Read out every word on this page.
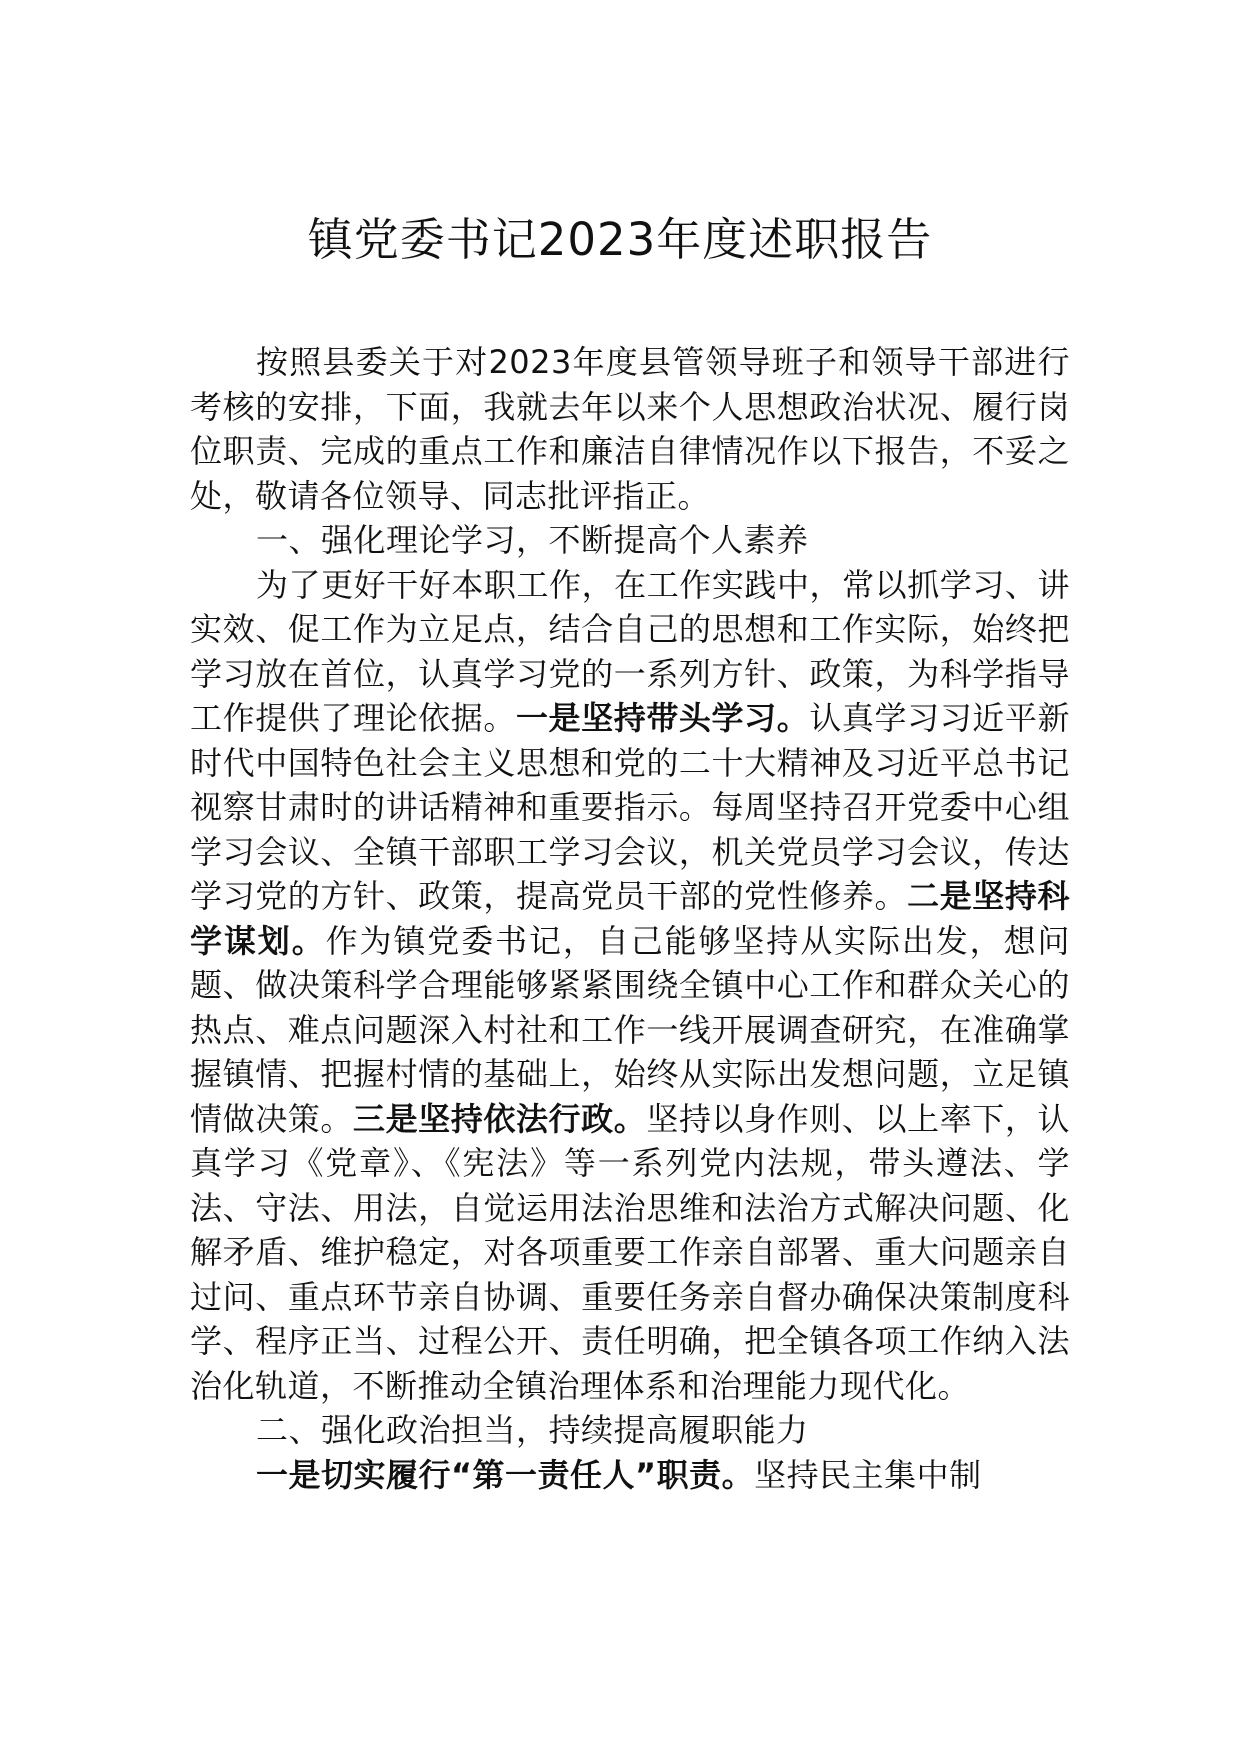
镇党委书记2023年度述职报告

按照县委关于对2023年度县管领导班子和领导干部进行考核的安排，下面，我就去年以来个人思想政治状况、履行岗位职责、完成的重点工作和廉洁自律情况作以下报告，不妥之处，敬请各位领导、同志批评指正。

一、强化理论学习，不断提高个人素养

为了更好干好本职工作，在工作实践中，常以抓学习、讲实效、促工作为立足点，结合自己的思想和工作实际，始终把学习放在首位，认真学习党的一系列方针、政策，为科学指导工作提供了理论依据。一是坚持带头学习。认真学习习近平新时代中国特色社会主义思想和党的二十大精神及习近平总书记视察甘肃时的讲话精神和重要指示。每周坚持召开党委中心组学习会议、全镇干部职工学习会议，机关党员学习会议，传达学习党的方针、政策，提高党员干部的党性修养。二是坚持科学谋划。作为镇党委书记，自己能够坚持从实际出发，想问题、做决策科学合理能够紧紧围绕全镇中心工作和群众关心的热点、难点问题深入村社和工作一线开展调查研究，在准确掌握镇情、把握村情的基础上，始终从实际出发想问题，立足镇情做决策。三是坚持依法行政。坚持以身作则、以上率下，认真学习《党章》、《宪法》等一系列党内法规，带头遵法、学法、守法、用法，自觉运用法治思维和法治方式解决问题、化解矛盾、维护稳定，对各项重要工作亲自部署、重大问题亲自过问、重点环节亲自协调、重要任务亲自督办确保决策制度科学、程序正当、过程公开、责任明确，把全镇各项工作纳入法治化轨道，不断推动全镇治理体系和治理能力现代化。

二、强化政治担当，持续提高履职能力

一是切实履行“第一责任人”职责。坚持民主集中制
